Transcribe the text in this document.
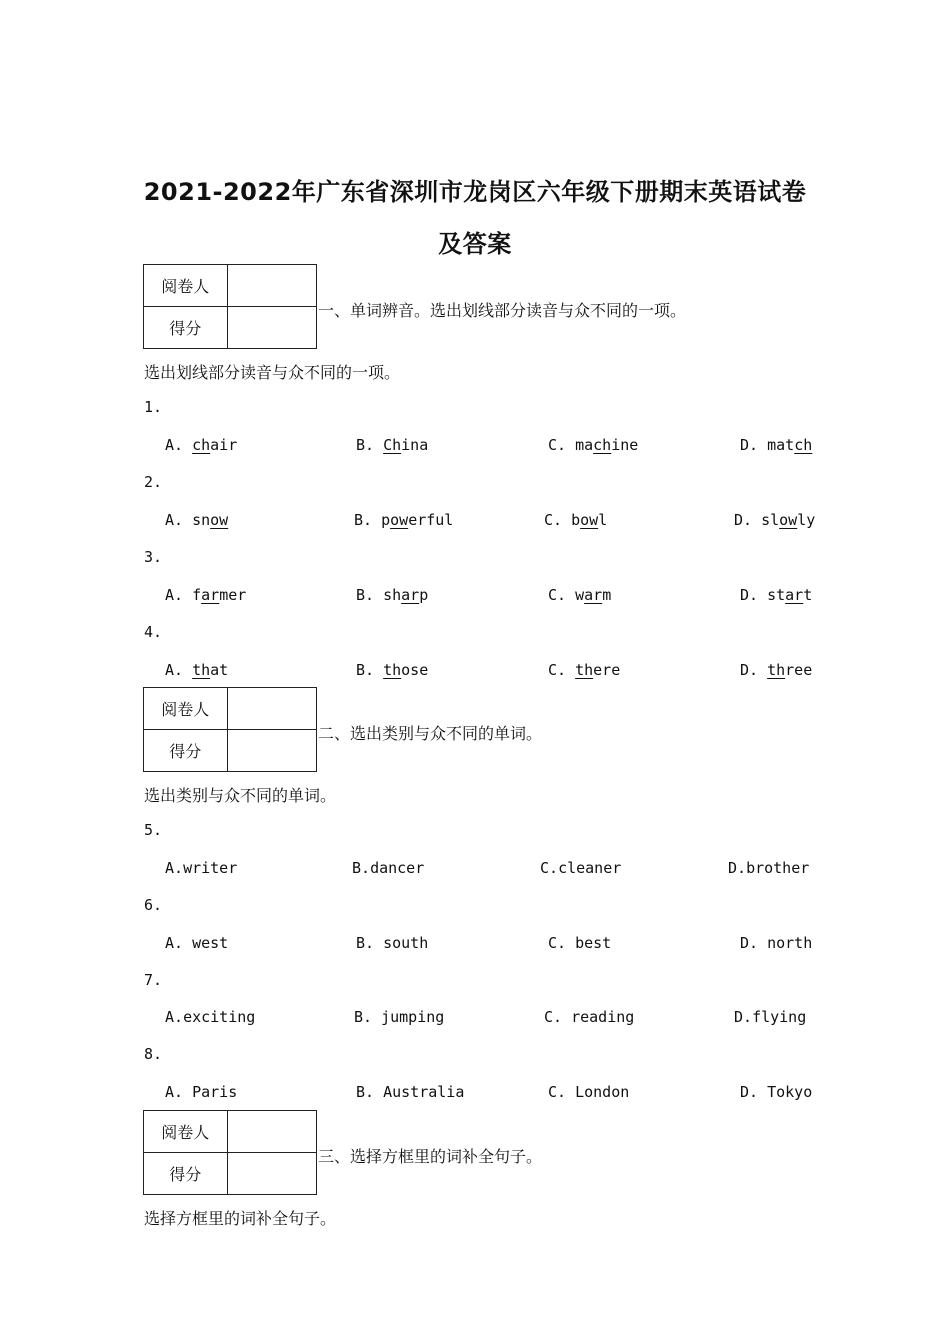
2021-2022年广东省深圳市龙岗区六年级下册期末英语试卷
及答案
阅卷人	
得分	
一、单词辨音。选出划线部分读音与众不同的一项。
选出划线部分读音与众不同的一项。
1.
A. chair	B. China	C. machine	D. match
2.
A. snow	B. powerful	C. bowl	D. slowly
3.
A. farmer	B. sharp	C. warm	D. start
4.
A. that	B. those	C. there	D. three
阅卷人	
得分	
二、选出类别与众不同的单词。
选出类别与众不同的单词。
5.
A.writer	B.dancer	C.cleaner	D.brother
6.
A. west	B. south	C. best	D. north
7.
A.exciting	B. jumping	C. reading	D.flying
8.
A. Paris	B. Australia	C. London	D. Tokyo
阅卷人	
得分	
三、选择方框里的词补全句子。
选择方框里的词补全句子。
